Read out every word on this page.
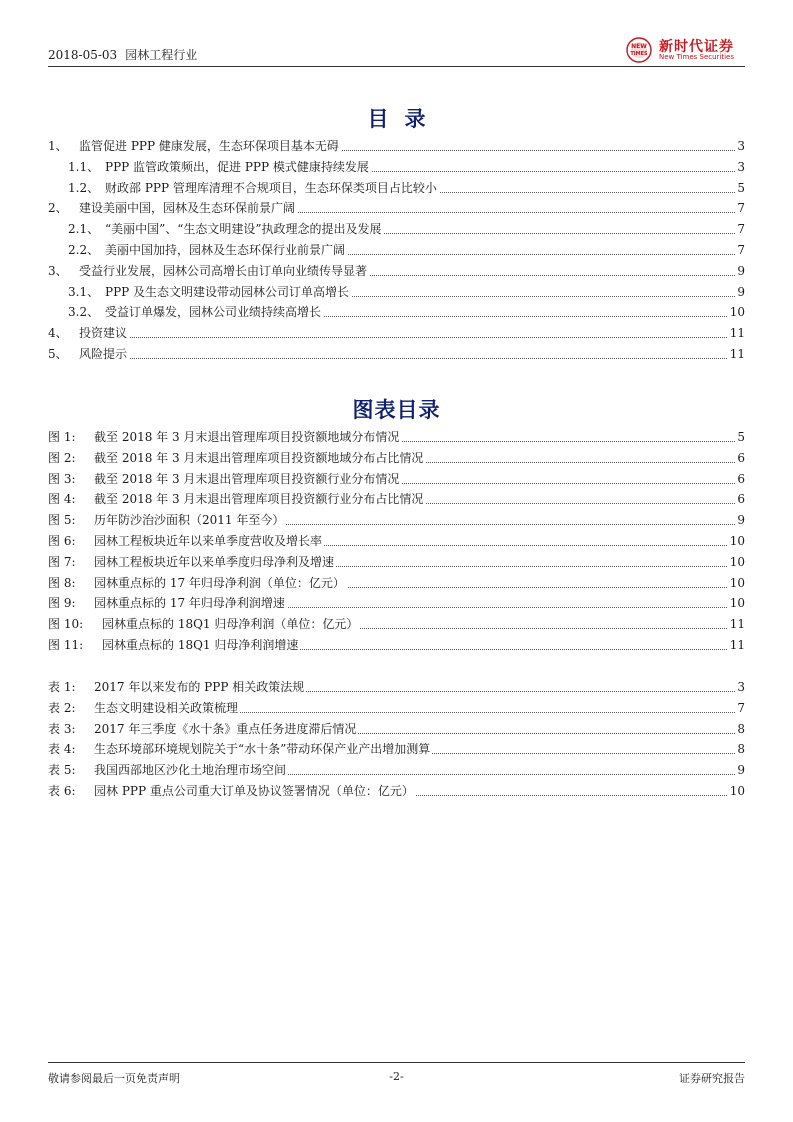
2018-05-03 园林工程行业
NEW
TIMES 新时代证券
New Times Securities
目录
1、 监管促进 PPP 健康发展，生态环保项目基本无碍	3
1.1、 PPP 监管政策频出，促进 PPP 模式健康持续发展	3
1.2、 财政部 PPP 管理库清理不合规项目，生态环保类项目占比较小	5
2、 建设美丽中国，园林及生态环保前景广阔	7
2.1、 “美丽中国”、“生态文明建设”执政理念的提出及发展	7
2.2、 美丽中国加持，园林及生态环保行业前景广阔	7
3、 受益行业发展，园林公司高增长由订单向业绩传导显著	9
3.1、 PPP 及生态文明建设带动园林公司订单高增长	9
3.2、 受益订单爆发，园林公司业绩持续高增长	10
4、 投资建议	11
5、 风险提示	11
图表目录
图 1: 截至 2018 年 3 月末退出管理库项目投资额地域分布情况	5
图 2: 截至 2018 年 3 月末退出管理库项目投资额地域分布占比情况	6
图 3: 截至 2018 年 3 月末退出管理库项目投资额行业分布情况	6
图 4: 截至 2018 年 3 月末退出管理库项目投资额行业分布占比情况	6
图 5: 历年防沙治沙面积（2011 年至今）	9
图 6: 园林工程板块近年以来单季度营收及增长率	10
图 7: 园林工程板块近年以来单季度归母净利及增速	10
图 8: 园林重点标的 17 年归母净利润（单位：亿元）	10
图 9: 园林重点标的 17 年归母净利润增速	10
图 10: 园林重点标的 18Q1 归母净利润（单位：亿元）	11
图 11: 园林重点标的 18Q1 归母净利润增速	11
表 1: 2017 年以来发布的 PPP 相关政策法规	3
表 2: 生态文明建设相关政策梳理	7
表 3: 2017 年三季度《水十条》重点任务进度滞后情况	8
表 4: 生态环境部环境规划院关于“水十条”带动环保产业产出增加测算	8
表 5: 我国西部地区沙化土地治理市场空间	9
表 6: 园林 PPP 重点公司重大订单及协议签署情况（单位：亿元）	10
敬请参阅最后一页免责声明	-2-	证券研究报告
